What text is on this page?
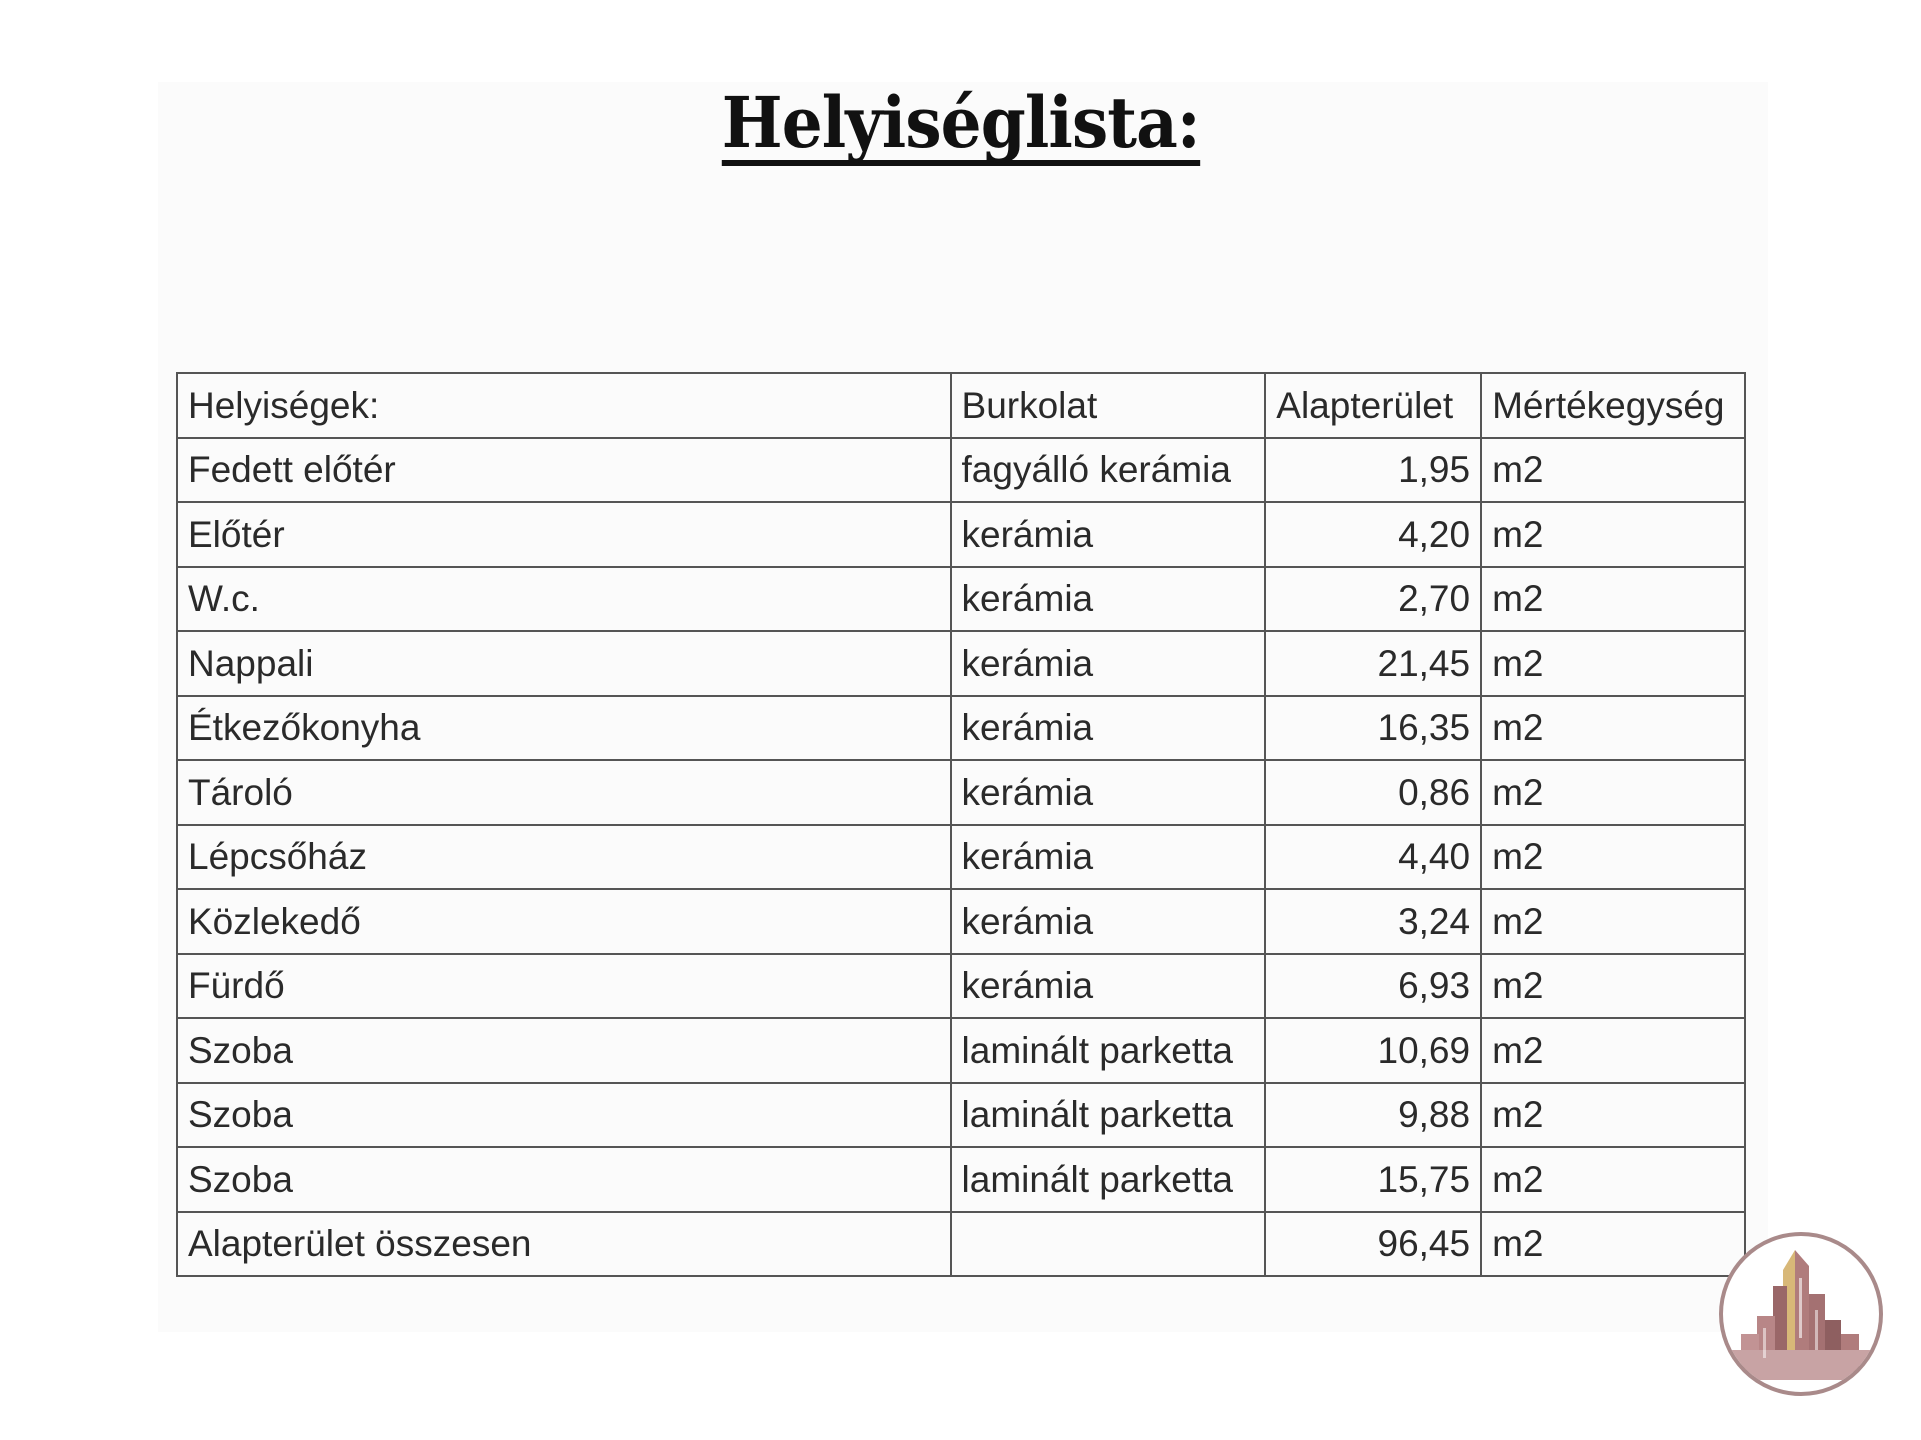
Helyiséglista:
Helyiségek:	Burkolat	Alapterület	Mértékegység
Fedett előtér	fagyálló kerámia	1,95	m2
Előtér	kerámia	4,20	m2
W.c.	kerámia	2,70	m2
Nappali	kerámia	21,45	m2
Étkezőkonyha	kerámia	16,35	m2
Tároló	kerámia	0,86	m2
Lépcsőház	kerámia	4,40	m2
Közlekedő	kerámia	3,24	m2
Fürdő	kerámia	6,93	m2
Szoba	laminált parketta	10,69	m2
Szoba	laminált parketta	9,88	m2
Szoba	laminált parketta	15,75	m2
Alapterület összesen		96,45	m2
